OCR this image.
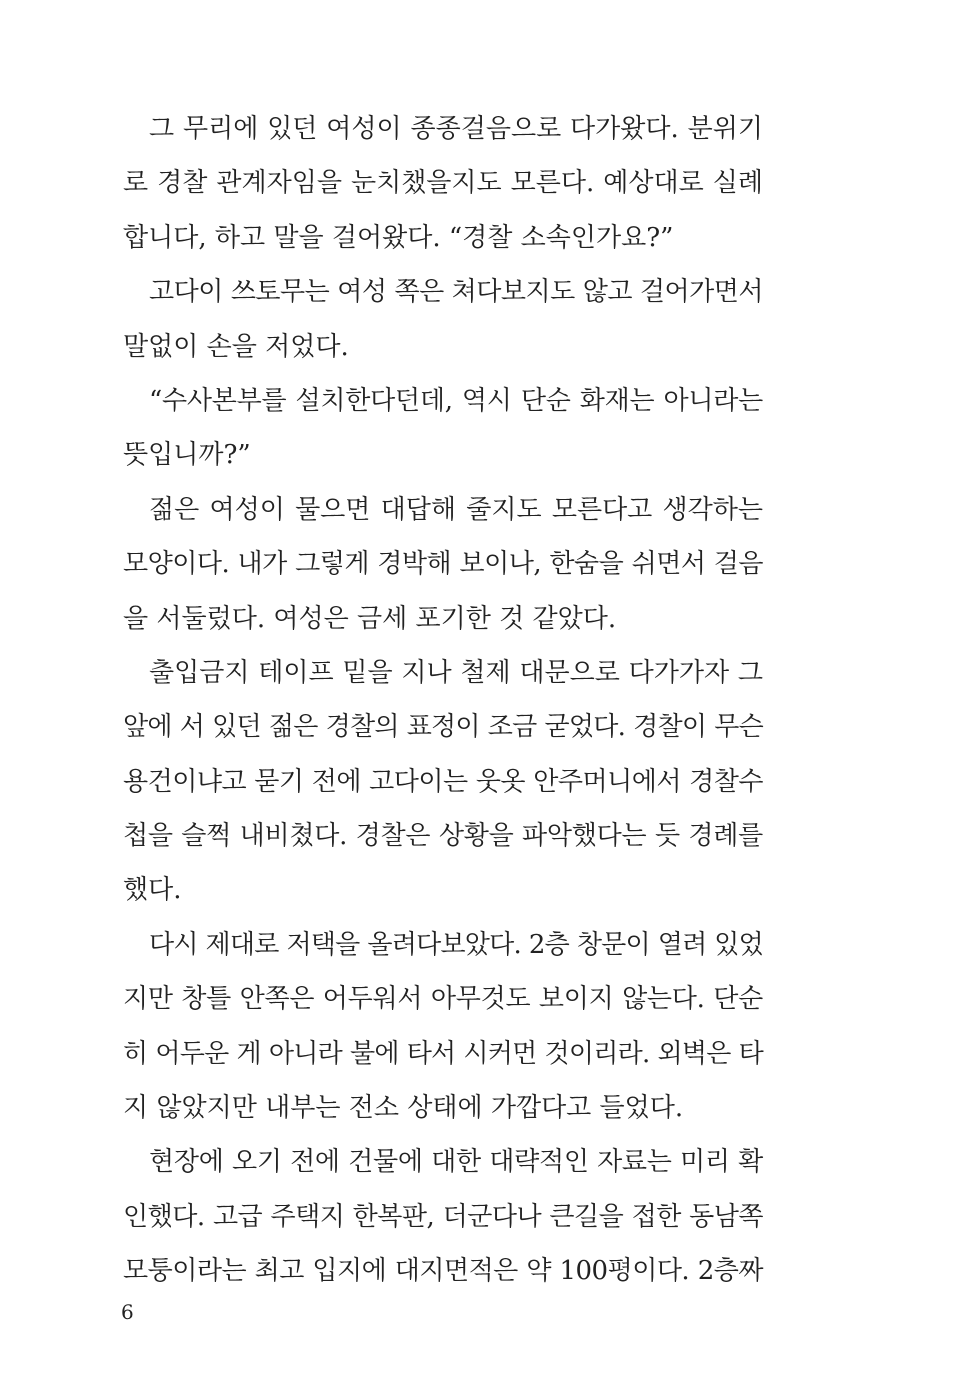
그 무리에 있던 여성이 종종걸음으로 다가왔다. 분위기
로 경찰 관계자임을 눈치챘을지도 모른다. 예상대로 실례
합니다, 하고 말을 걸어왔다. “경찰 소속인가요?”
고다이 쓰토무는 여성 쪽은 쳐다보지도 않고 걸어가면서
말없이 손을 저었다.
“수사본부를 설치한다던데, 역시 단순 화재는 아니라는
뜻입니까?”
젊은 여성이 물으면 대답해 줄지도 모른다고 생각하는
모양이다. 내가 그렇게 경박해 보이나, 한숨을 쉬면서 걸음
을 서둘렀다. 여성은 금세 포기한 것 같았다.
출입금지 테이프 밑을 지나 철제 대문으로 다가가자 그
앞에 서 있던 젊은 경찰의 표정이 조금 굳었다. 경찰이 무슨
용건이냐고 묻기 전에 고다이는 웃옷 안주머니에서 경찰수
첩을 슬쩍 내비쳤다. 경찰은 상황을 파악했다는 듯 경례를
했다.
다시 제대로 저택을 올려다보았다. 2층 창문이 열려 있었
지만 창틀 안쪽은 어두워서 아무것도 보이지 않는다. 단순
히 어두운 게 아니라 불에 타서 시커먼 것이리라. 외벽은 타
지 않았지만 내부는 전소 상태에 가깝다고 들었다.
현장에 오기 전에 건물에 대한 대략적인 자료는 미리 확
인했다. 고급 주택지 한복판, 더군다나 큰길을 접한 동남쪽
모퉁이라는 최고 입지에 대지면적은 약 100평이다. 2층짜
6
